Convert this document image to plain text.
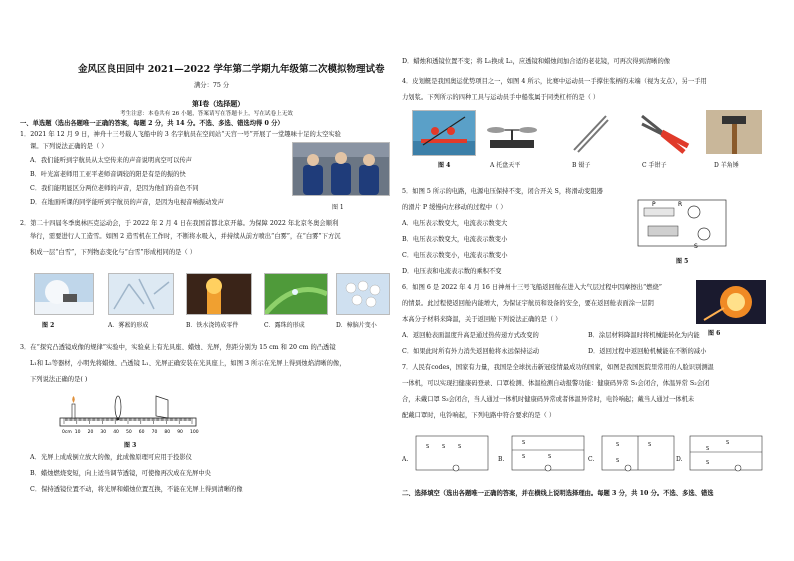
金风区良田回中 2021—2022 学年第二学期九年级第二次模拟物理试卷
满分：75 分
第Ⅰ卷（选择题）
考生注意：本卷共有 26 小题，答案请写在答题卡上，写在试卷上无效
一、单选题（选出各题唯一正确的答案，每题 2 分，共 14 分。不选、多选、错选均得 0 分）
1．2021 年 12 月 9 日，神舟十三号载人飞船中的 3 名宇航员在空间站“天宫一号”开展了一堂趣味十足的太空实验
课。下列说法正确的是（ ）
A．我们能听到宇航员从太空传来的声音说明真空可以传声
B．叶光富老师用工亚平老师音调较的阳是有是的振的快
C．我们能明显区分两位老师的声音，是因为他们的音色不同
D．在地面听课的同学能听到宇航员的声音，是因为电视音响振动发声
图 1
2．第二十四届冬季奥林匹克运动会，于 2022 年 2 月 4 日在我国首都北京开幕。为保障 2022 年北京冬奥会顺利
举行，需要进行人工造雪。如图 2 造雪机在工作时，不断将水吸入，并持续从前方喷出“白雾”，在“白雾”下方沉
积成一层“白雪”，下列物态变化与“白雪”形成相同的是（ ）
图 2	A．雾凇的形成	B．铁水浇铸成零件	C．露珠的形成	D．樟脑片变小
3．在“探究凸透镜成像的规律”实验中，实验桌上有光具座、蜡烛、光屏，焦距分别为 15 cm 和 20 cm 的凸透镜
L₁和 L₂等器材，小明先将蜡烛、凸透镜 L₁、光屏正确安装在光具座上，如图 3 所示在光屏上得到烛焰清晰的像，
下列说法正确的是( )
0cm 10 20 30 40 50 60 70 80 90 100
图 3
A．光屏上成成倒立放大的像，此成像原理可应用于投影仪
B．蜡烛燃烧变短，向上适当调节透镜，可使像再次成在光屏中央
C．保持透镜位置不动，将光屏和蜡烛位置互换，不能在光屏上得到清晰的像
D．蜡烛和透镜位置不变；将 L₁换成 L₂，应透镜和蜡烛间加合适的老花镜，可再次得到清晰的像
4．皮划艇是我国奥运优势项目之一，如图 4 所示，比赛中运动员一手撑住浆柄的末端（视为支点），另一手用
力划浆。下列所示的四种工具与运动员手中船浆属于同类杠杆的是（ ）
图 4	A 托盘天平	B 镊子	C 手钳子	D 羊角锤
5．如图 5 所示的电路，电源电压保持不变，闭合开关 S，将滑动变阻器
的滑片 P 缓慢向左移动的过程中（ ）
A．电压表示数变大，电流表示数变大
B．电压表示数变大，电流表示数变小
C．电压表示数变小，电流表示数变小
D．电压表和电流表示数的乘积不变
P	R
S
图 5
6．如图 6 是 2022 年 4 月 16 日神州十三号飞船返回舱在进入大气层过程中因摩擦出“燃烧”
的情景。此过程使返回舱内能增大，为保证宇航员和设备的安全，要在返回舱表面涂一层阴
本高分子材料来降温，关于返回舱下列说法正确的是（ ）
图 6
A．返回舱表面温度升高是通过热传递方式改变的	B．涂层材料降温时将机械能转化为内能
C．如果此时所有外力消失返回舱将永远保持运动	D．返回过程中返回舱机械能在不断的减小
7．人民有codes，国家有力量，我国是全球抗击新冠疫情最成功的国家，如图是我国医院里常用的人脸识别测温
一体机，可以实现扫健康码登录、口罩检测、体温检测自动报警功能：健康码异常 S₁会闭合，体温异常 S₂会闭
合，未戴口罩 S₃会闭合，当人通过一体机时健康码异常或者体温异常时，电铃响起；戴当人通过一体机未
配戴口罩时，电铃响起，下列电路中符合要求的是（ ）
A.	B.	C.	D.
S	S	S
S
S	S
S	S
S
S
S
S
二、选择填空（选出各题唯一正确的答案，并在横线上说明选择理由。每题 3 分，共 10 分。不选、多选、错选
